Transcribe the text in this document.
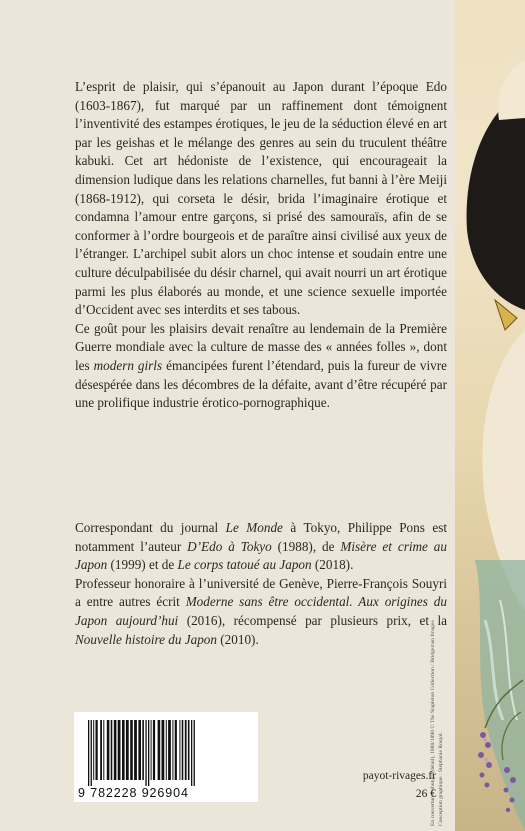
L’esprit de plaisir, qui s’épanouit au Japon durant l’époque Edo (1603-1867), fut marqué par un raffinement dont témoignent l’inventivité des estampes érotiques, le jeu de la séduction élevé en art par les geishas et le mélange des genres au sein du truculent théâtre kabuki. Cet art hédoniste de l’existence, qui encourageait la dimension ludique dans les relations charnelles, fut banni à l’ère Meiji (1868-1912), qui corseta le désir, brida l’imaginaire érotique et condamna l’amour entre garçons, si prisé des samouraïs, afin de se conformer à l’ordre bourgeois et de paraître ainsi civilisé aux yeux de l’étranger. L’archipel subit alors un choc intense et soudain entre une culture déculpabilisée du désir charnel, qui avait nourri un art érotique parmi les plus élaborés au monde, et une science sexuelle importée d’Occident avec ses interdits et ses tabous.

Ce goût pour les plaisirs devait renaître au lendemain de la Première Guerre mondiale avec la culture de masse des « années folles », dont les modern girls émancipées furent l’étendard, puis la fureur de vivre désespérée dans les décombres de la défaite, avant d’être récupéré par une prolifique industrie érotico-pornographique.

Correspondant du journal Le Monde à Tokyo, Philippe Pons est notamment l’auteur D’Edo à Tokyo (1988), de Misère et crime au Japon (1999) et de Le corps tatoué au Japon (2018).

Professeur honoraire à l’université de Genève, Pierre-François Souyri a entre autres écrit Moderne sans être occidental. Aux origines du Japon aujourd’hui (2016), récompensé par plusieurs prix, et la Nouvelle histoire du Japon (2010).

9 782228 926904
payot-rivages.fr
26 €
En couverture : shunga (détail), 1880/1890 © The Stapleton Collection / Bridgeman Images Conception graphique : Stéphanie Roujol.
